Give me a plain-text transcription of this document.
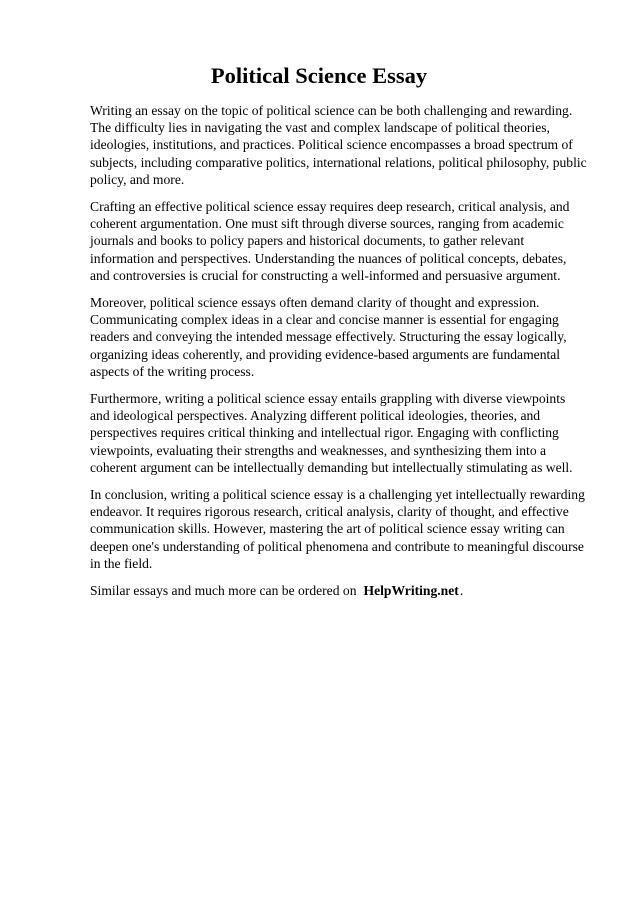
Political Science Essay

Writing an essay on the topic of political science can be both challenging and rewarding. The difficulty lies in navigating the vast and complex landscape of political theories, ideologies, institutions, and practices. Political science encompasses a broad spectrum of subjects, including comparative politics, international relations, political philosophy, public policy, and more.

Crafting an effective political science essay requires deep research, critical analysis, and coherent argumentation. One must sift through diverse sources, ranging from academic journals and books to policy papers and historical documents, to gather relevant information and perspectives. Understanding the nuances of political concepts, debates, and controversies is crucial for constructing a well-informed and persuasive argument.

Moreover, political science essays often demand clarity of thought and expression. Communicating complex ideas in a clear and concise manner is essential for engaging readers and conveying the intended message effectively. Structuring the essay logically, organizing ideas coherently, and providing evidence-based arguments are fundamental aspects of the writing process.

Furthermore, writing a political science essay entails grappling with diverse viewpoints and ideological perspectives. Analyzing different political ideologies, theories, and perspectives requires critical thinking and intellectual rigor. Engaging with conflicting viewpoints, evaluating their strengths and weaknesses, and synthesizing them into a coherent argument can be intellectually demanding but intellectually stimulating as well.

In conclusion, writing a political science essay is a challenging yet intellectually rewarding endeavor. It requires rigorous research, critical analysis, clarity of thought, and effective communication skills. However, mastering the art of political science essay writing can deepen one's understanding of political phenomena and contribute to meaningful discourse in the field.

Similar essays and much more can be ordered on HelpWriting.net .
